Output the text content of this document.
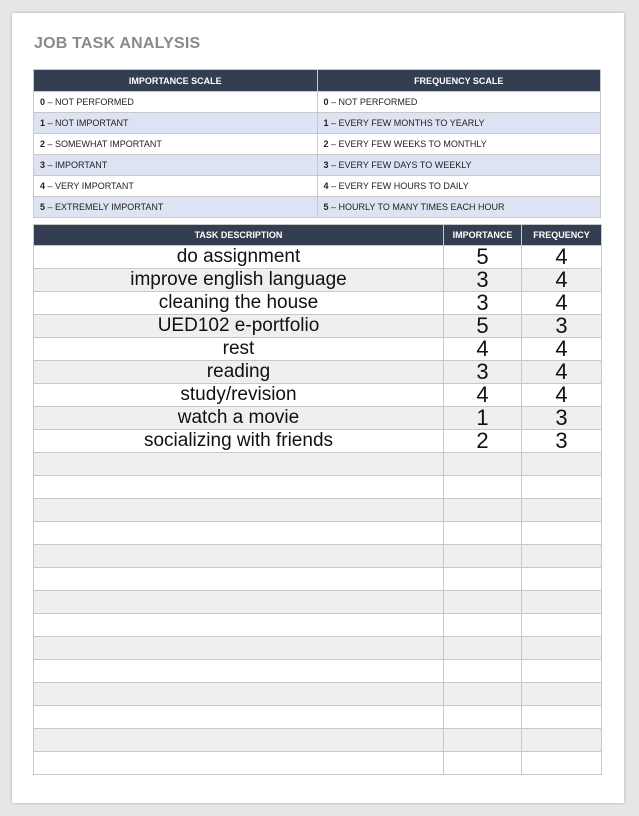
JOB TASK ANALYSIS
IMPORTANCE SCALE	FREQUENCY SCALE
0 – NOT PERFORMED	0 – NOT PERFORMED
1 – NOT IMPORTANT	1 – EVERY FEW MONTHS TO YEARLY
2 – SOMEWHAT IMPORTANT	2 – EVERY FEW WEEKS TO MONTHLY
3 – IMPORTANT	3 – EVERY FEW DAYS TO WEEKLY
4 – VERY IMPORTANT	4 – EVERY FEW HOURS TO DAILY
5 – EXTREMELY IMPORTANT	5 – HOURLY TO MANY TIMES EACH HOUR
TASK DESCRIPTION	IMPORTANCE	FREQUENCY
do assignment	5	4
improve english language	3	4
cleaning the house	3	4
UED102 e-portfolio	5	3
rest	4	4
reading	3	4
study/revision	4	4
watch a movie	1	3
socializing with friends	2	3
